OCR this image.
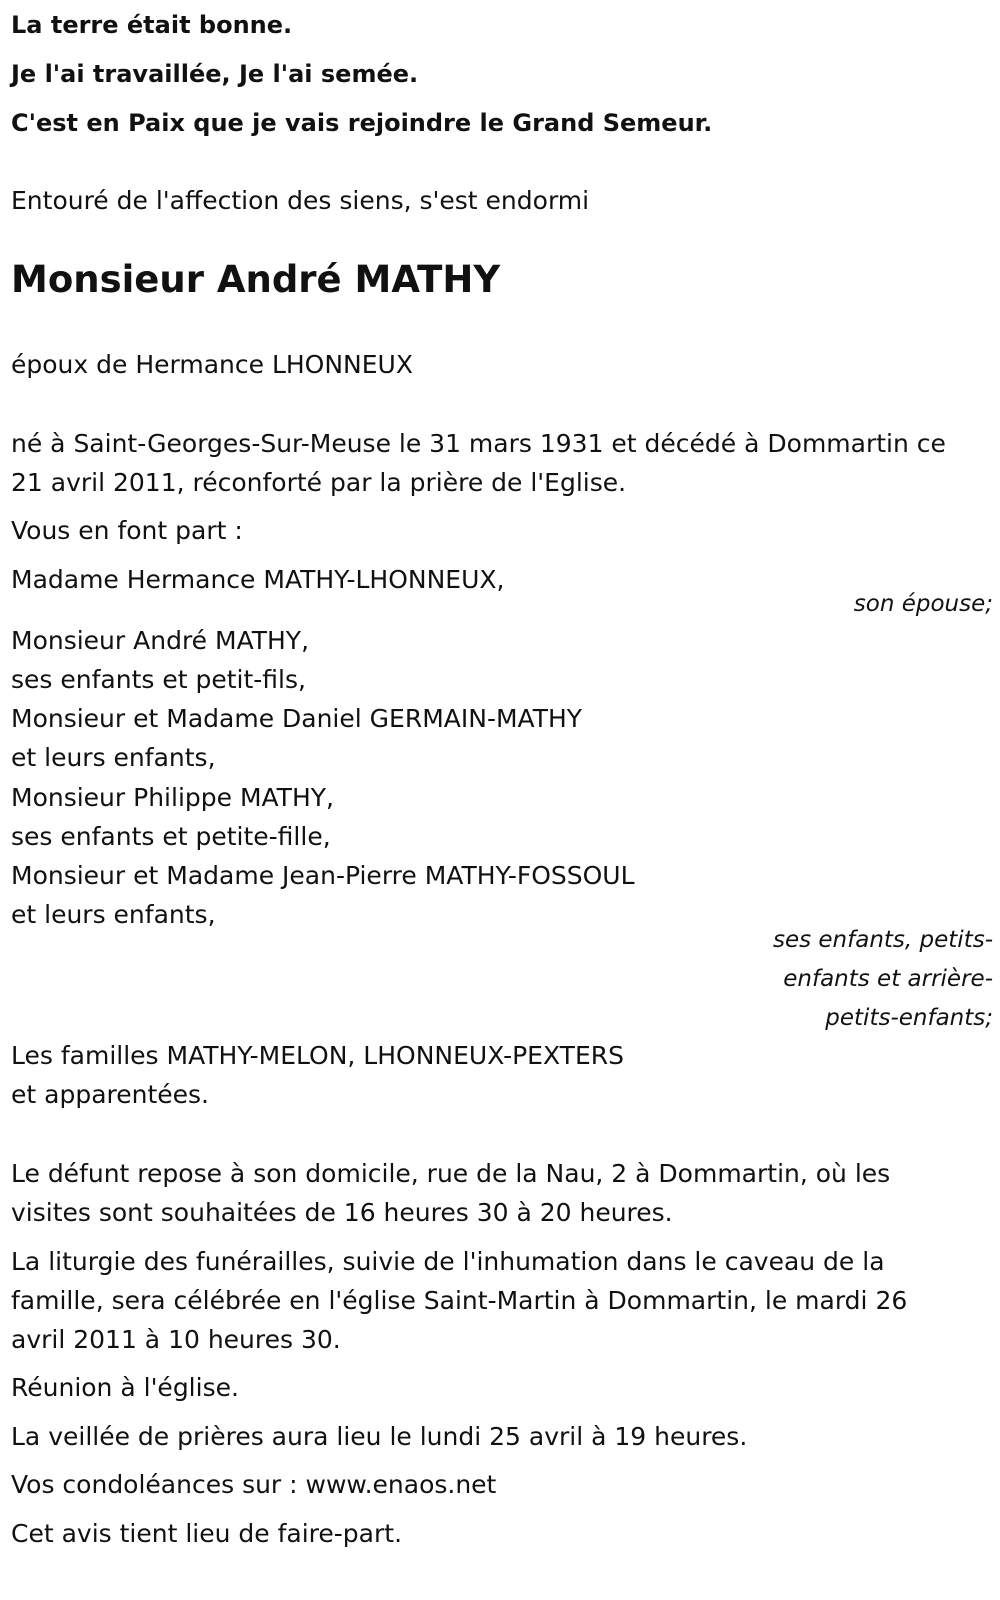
La terre était bonne.
Je l'ai travaillée, Je l'ai semée.
C'est en Paix que je vais rejoindre le Grand Semeur.
Entouré de l'affection des siens, s'est endormi
Monsieur André MATHY
époux de Hermance LHONNEUX
né à Saint-Georges-Sur-Meuse le 31 mars 1931 et décédé à Dommartin ce
21 avril 2011, réconforté par la prière de l'Eglise.
Vous en font part :
Madame Hermance MATHY-LHONNEUX,
son épouse;
Monsieur André MATHY,
ses enfants et petit-fils,
Monsieur et Madame Daniel GERMAIN-MATHY
et leurs enfants,
Monsieur Philippe MATHY,
ses enfants et petite-fille,
Monsieur et Madame Jean-Pierre MATHY-FOSSOUL
et leurs enfants,
ses enfants, petits-
enfants et arrière-
petits-enfants;
Les familles MATHY-MELON, LHONNEUX-PEXTERS
et apparentées.
Le défunt repose à son domicile, rue de la Nau, 2 à Dommartin, où les
visites sont souhaitées de 16 heures 30 à 20 heures.
La liturgie des funérailles, suivie de l'inhumation dans le caveau de la
famille, sera célébrée en l'église Saint-Martin à Dommartin, le mardi 26
avril 2011 à 10 heures 30.
Réunion à l'église.
La veillée de prières aura lieu le lundi 25 avril à 19 heures.
Vos condoléances sur : www.enaos.net
Cet avis tient lieu de faire-part.
